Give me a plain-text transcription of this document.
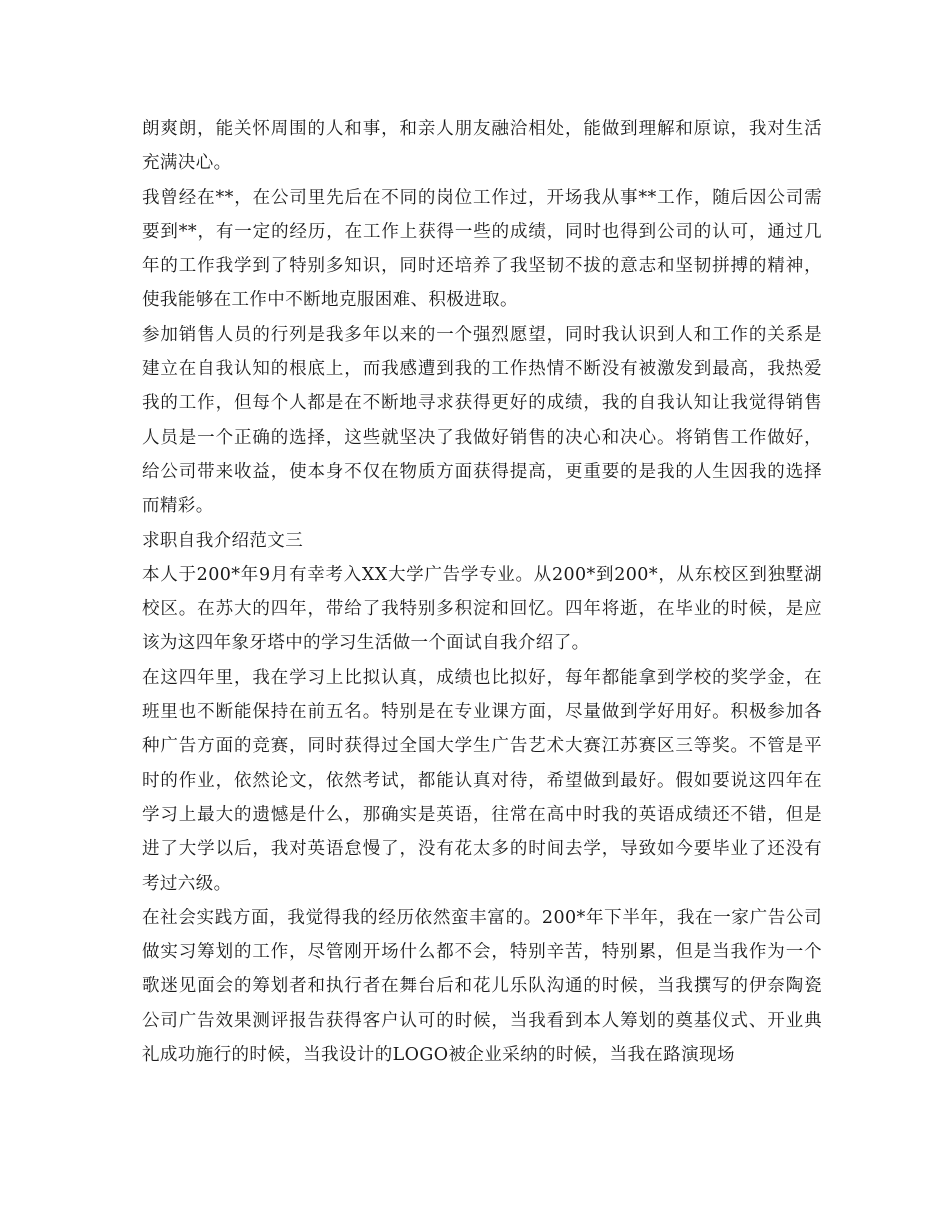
朗爽朗，能关怀周围的人和事，和亲人朋友融洽相处，能做到理解和原谅，我对生活充满决心。

我曾经在**，在公司里先后在不同的岗位工作过，开场我从事**工作，随后因公司需要到**，有一定的经历，在工作上获得一些的成绩，同时也得到公司的认可，通过几年的工作我学到了特别多知识，同时还培养了我坚韧不拔的意志和坚韧拼搏的精神，使我能够在工作中不断地克服困难、积极进取。

参加销售人员的行列是我多年以来的一个强烈愿望，同时我认识到人和工作的关系是建立在自我认知的根底上，而我感遭到我的工作热情不断没有被激发到最高，我热爱我的工作，但每个人都是在不断地寻求获得更好的成绩，我的自我认知让我觉得销售人员是一个正确的选择，这些就坚决了我做好销售的决心和决心。将销售工作做好，给公司带来收益，使本身不仅在物质方面获得提高，更重要的是我的人生因我的选择而精彩。

求职自我介绍范文三

本人于200*年9月有幸考入XX大学广告学专业。从200*到200*，从东校区到独墅湖校区。在苏大的四年，带给了我特别多积淀和回忆。四年将逝，在毕业的时候，是应该为这四年象牙塔中的学习生活做一个面试自我介绍了。

在这四年里，我在学习上比拟认真，成绩也比拟好，每年都能拿到学校的奖学金，在班里也不断能保持在前五名。特别是在专业课方面，尽量做到学好用好。积极参加各种广告方面的竞赛，同时获得过全国大学生广告艺术大赛江苏赛区三等奖。不管是平时的作业，依然论文，依然考试，都能认真对待，希望做到最好。假如要说这四年在学习上最大的遗憾是什么，那确实是英语，往常在高中时我的英语成绩还不错，但是进了大学以后，我对英语怠慢了，没有花太多的时间去学，导致如今要毕业了还没有考过六级。

在社会实践方面，我觉得我的经历依然蛮丰富的。200*年下半年，我在一家广告公司做实习筹划的工作，尽管刚开场什么都不会，特别辛苦，特别累，但是当我作为一个歌迷见面会的筹划者和执行者在舞台后和花儿乐队沟通的时候，当我撰写的伊奈陶瓷公司广告效果测评报告获得客户认可的时候，当我看到本人筹划的奠基仪式、开业典礼成功施行的时候，当我设计的LOGO被企业采纳的时候，当我在路演现场
